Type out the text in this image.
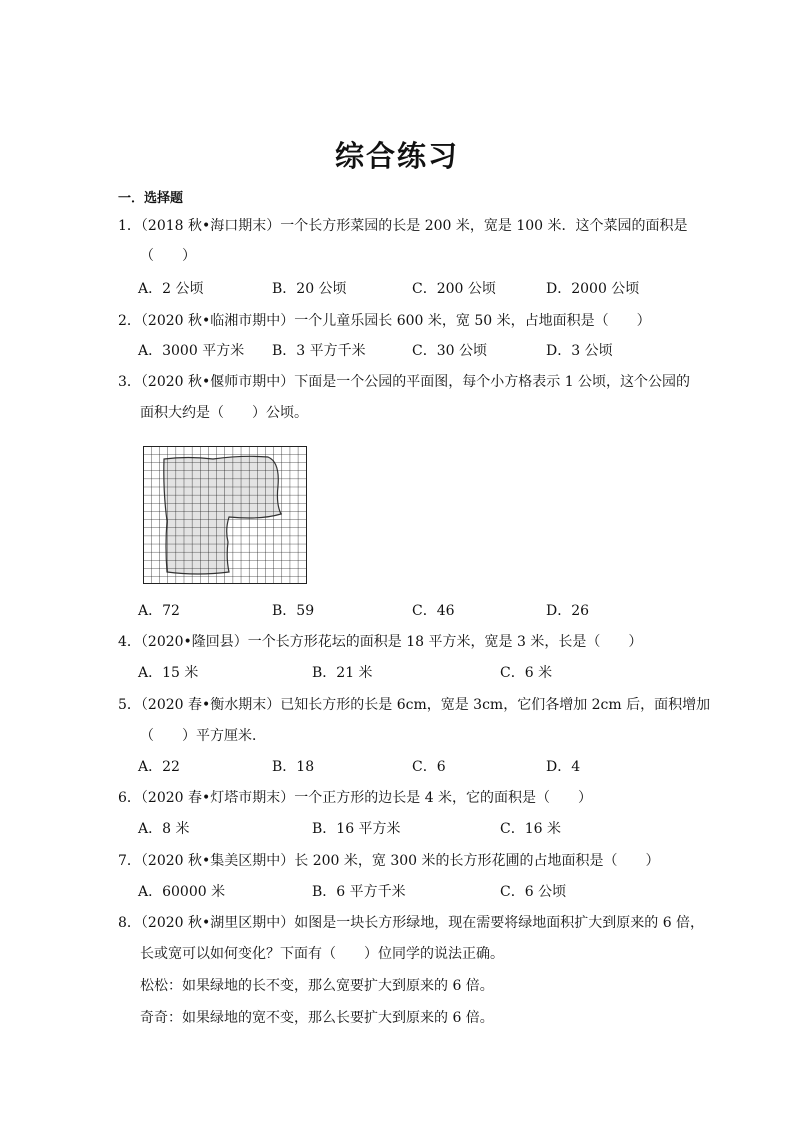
综合练习
一．选择题
1．（2018 秋•海口期末）一个长方形菜园的长是 200 米，宽是 100 米．这个菜园的面积是
（　　）
A．2 公顷	B．20 公顷	C．200 公顷	D．2000 公顷
2．（2020 秋•临湘市期中）一个儿童乐园长 600 米，宽 50 米，占地面积是（　　）
A．3000 平方米 B．3 平方千米	C．30 公顷	D．3 公顷
3．（2020 秋•偃师市期中）下面是一个公园的平面图，每个小方格表示 1 公顷，这个公园的
面积大约是（　　）公顷。
A．72	B．59	C．46	D．26
4．（2020•隆回县）一个长方形花坛的面积是 18 平方米，宽是 3 米，长是（　　）
A．15 米	B．21 米	C．6 米
5．（2020 春•衡水期末）已知长方形的长是 6cm，宽是 3cm，它们各增加 2cm 后，面积增加
（　　）平方厘米．
A．22	B．18	C．6	D．4
6．（2020 春•灯塔市期末）一个正方形的边长是 4 米，它的面积是（　　）
A．8 米	B．16 平方米	C．16 米
7．（2020 秋•集美区期中）长 200 米，宽 300 米的长方形花圃的占地面积是（　　）
A．60000 米	B．6 平方千米	C．6 公顷
8．（2020 秋•湖里区期中）如图是一块长方形绿地，现在需要将绿地面积扩大到原来的 6 倍，
长或宽可以如何变化？下面有（　　）位同学的说法正确。
松松：如果绿地的长不变，那么宽要扩大到原来的 6 倍。
奇奇：如果绿地的宽不变，那么长要扩大到原来的 6 倍。
